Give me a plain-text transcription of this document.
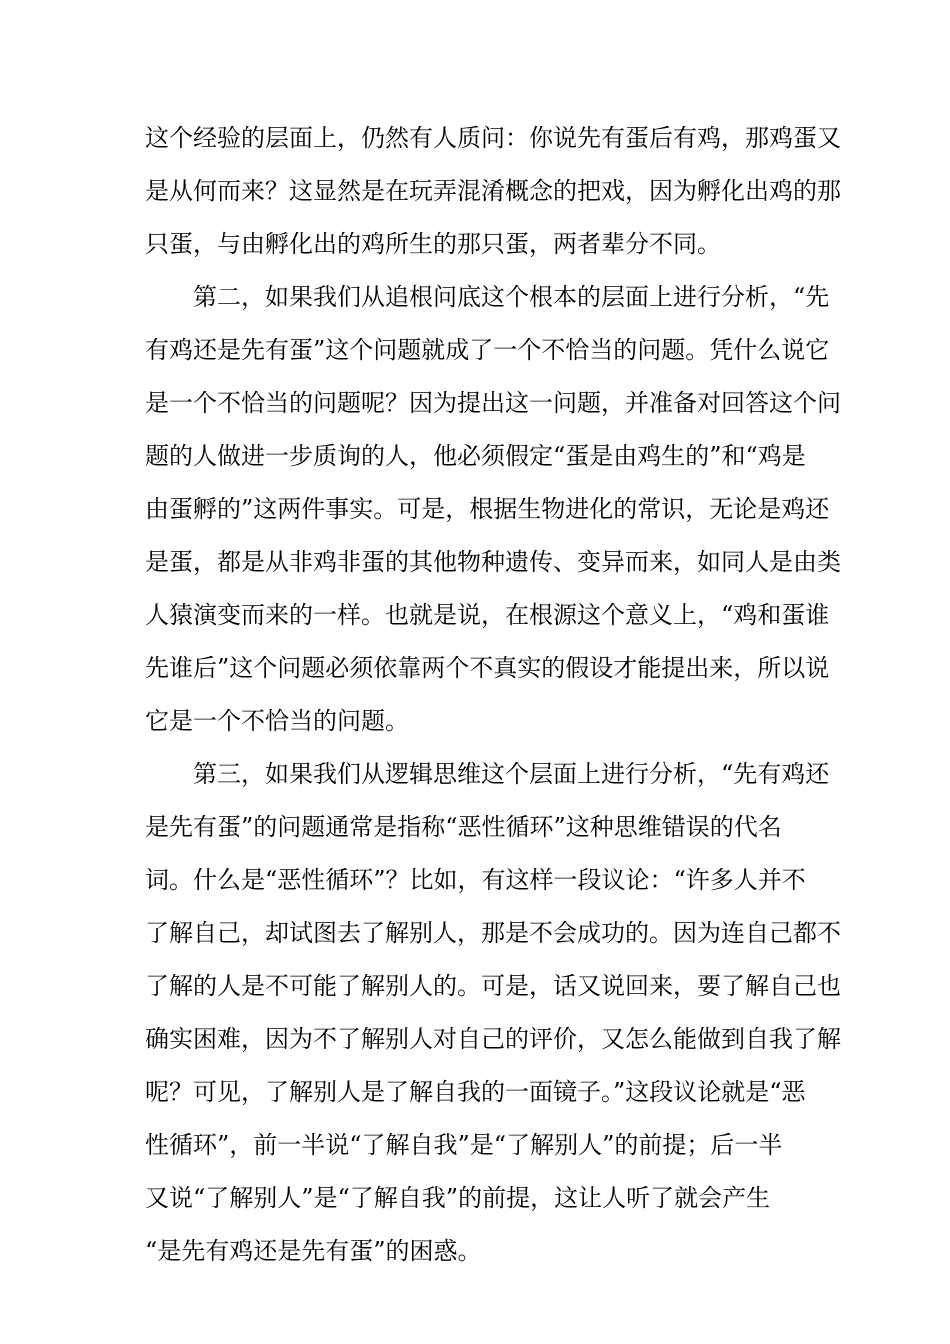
这个经验的层面上，仍然有人质问：你说先有蛋后有鸡，那鸡蛋又

是从何而来？这显然是在玩弄混淆概念的把戏，因为孵化出鸡的那

只蛋，与由孵化出的鸡所生的那只蛋，两者辈分不同。

第二，如果我们从追根问底这个根本的层面上进行分析，“先

有鸡还是先有蛋”这个问题就成了一个不恰当的问题。凭什么说它

是一个不恰当的问题呢？因为提出这一问题，并准备对回答这个问

题的人做进一步质询的人，他必须假定“蛋是由鸡生的”和“鸡是

由蛋孵的”这两件事实。可是，根据生物进化的常识，无论是鸡还

是蛋，都是从非鸡非蛋的其他物种遗传、变异而来，如同人是由类

人猿演变而来的一样。也就是说，在根源这个意义上，“鸡和蛋谁

先谁后”这个问题必须依靠两个不真实的假设才能提出来，所以说

它是一个不恰当的问题。

第三，如果我们从逻辑思维这个层面上进行分析，“先有鸡还

是先有蛋”的问题通常是指称“恶性循环”这种思维错误的代名

词。什么是“恶性循环”？比如，有这样一段议论：“许多人并不

了解自己，却试图去了解别人，那是不会成功的。因为连自己都不

了解的人是不可能了解别人的。可是，话又说回来，要了解自己也

确实困难，因为不了解别人对自己的评价，又怎么能做到自我了解

呢？可见，了解别人是了解自我的一面镜子。”这段议论就是“恶

性循环”，前一半说“了解自我”是“了解别人”的前提；后一半

又说“了解别人”是“了解自我”的前提，这让人听了就会产生

“是先有鸡还是先有蛋”的困惑。
